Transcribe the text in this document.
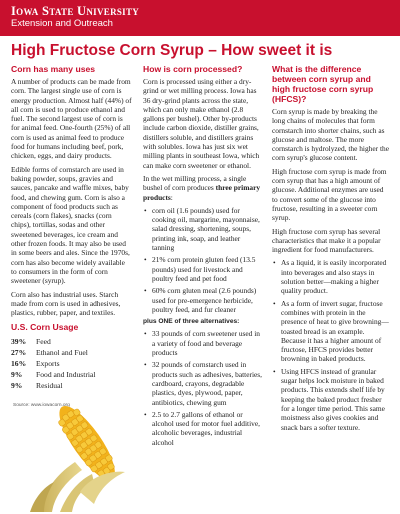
Iowa State University
Extension and Outreach
High Fructose Corn Syrup – How sweet it is
Corn has many uses

A number of products can be made from corn. The largest single use of corn is energy production. Almost half (44%) of all corn is used to produce ethanol and fuel. The second largest use of corn is for animal feed. One-fourth (25%) of all corn is used as animal feed to produce food for humans including beef, pork, chicken, eggs, and dairy products.

Edible forms of cornstarch are used in baking powder, soups, gravies and sauces, pancake and waffle mixes, baby food, and chewing gum. Corn is also a component of food products such as cereals (corn flakes), snacks (corn chips), tortillas, sodas and other sweetened beverages, ice cream and other frozen foods. It may also be used in some beers and ales. Since the 1970s, corn has also become widely available to consumers in the form of corn sweetener (syrup).

Corn also has industrial uses. Starch made from corn is used in adhesives, plastics, rubber, paper, and textiles.

U.S. Corn Usage
39%	Feed
27%	Ethanol and Fuel
16%	Exports
9%	Food and Industrial
9%	Residual
Source: www.iowacorn.org
How is corn processed?

Corn is processed using either a dry-grind or wet milling process. Iowa has 36 dry-grind plants across the state, which can only make ethanol (2.8 gallons per bushel). Other by-products include carbon dioxide, distiller grains, distillers soluble, and distillers grains with solubles. Iowa has just six wet milling plants in southeast Iowa, which can make corn sweetener or ethanol.

In the wet milling process, a single bushel of corn produces three primary products:

• corn oil (1.6 pounds) used for cooking oil, margarine, mayonnaise, salad dressing, shortening, soups, printing ink, soap, and leather tanning
• 21% corn protein gluten feed (13.5 pounds) used for livestock and poultry feed and pet food
• 60% corn gluten meal (2.6 pounds) used for pre-emergence herbicide, poultry feed, and fur cleaner
plus ONE of three alternatives:
• 33 pounds of corn sweetener used in a variety of food and beverage products
• 32 pounds of cornstarch used in products such as adhesives, batteries, cardboard, crayons, degradable plastics, dyes, plywood, paper, antibiotics, chewing gum
• 2.5 to 2.7 gallons of ethanol or alcohol used for motor fuel additive, alcoholic beverages, industrial alcohol
What is the difference between corn syrup and high fructose corn syrup (HFCS)?

Corn syrup is made by breaking the long chains of molecules that form cornstarch into shorter chains, such as glucose and maltose. The more cornstarch is hydrolyzed, the higher the corn syrup's glucose content.

High fructose corn syrup is made from corn syrup that has a high amount of glucose. Additional enzymes are used to convert some of the glucose into fructose, resulting in a sweeter corn syrup.

High fructose corn syrup has several characteristics that make it a popular ingredient for food manufacturers.

• As a liquid, it is easily incorporated into beverages and also stays in solution better—making a higher quality product.
• As a form of invert sugar, fructose combines with protein in the presence of heat to give browning—toasted bread is an example. Because it has a higher amount of fructose, HFCS provides better browning in baked products.
• Using HFCS instead of granular sugar helps lock moisture in baked products. This extends shelf life by keeping the baked product fresher for a longer time period. This same moistness also gives cookies and snack bars a softer texture.
